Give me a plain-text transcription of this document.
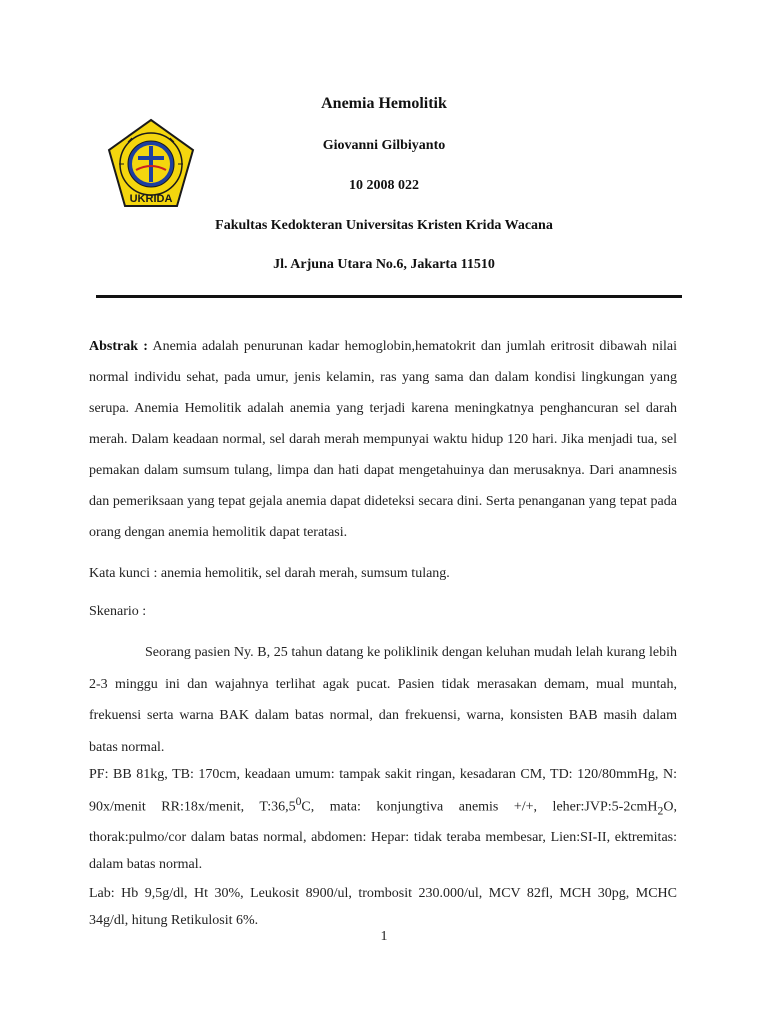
UKRIDA
Anemia Hemolitik
Giovanni Gilbiyanto
10 2008 022
Fakultas Kedokteran Universitas Kristen Krida Wacana
Jl. Arjuna Utara No.6, Jakarta 11510
Abstrak : Anemia adalah penurunan kadar hemoglobin,hematokrit dan jumlah eritrosit dibawah nilai normal individu sehat, pada umur, jenis kelamin, ras yang sama dan dalam kondisi lingkungan yang serupa. Anemia Hemolitik adalah anemia yang terjadi karena meningkatnya penghancuran sel darah merah. Dalam keadaan normal, sel darah merah mempunyai waktu hidup 120 hari. Jika menjadi tua, sel pemakan dalam sumsum tulang, limpa dan hati dapat mengetahuinya dan merusaknya. Dari anamnesis dan pemeriksaan yang tepat gejala anemia dapat dideteksi secara dini. Serta penanganan yang tepat pada orang dengan anemia hemolitik dapat teratasi.
Kata kunci : anemia hemolitik, sel darah merah, sumsum tulang.
Skenario :
Seorang pasien Ny. B, 25 tahun datang ke poliklinik dengan keluhan mudah lelah kurang lebih 2-3 minggu ini dan wajahnya terlihat agak pucat. Pasien tidak merasakan demam, mual muntah, frekuensi serta warna BAK dalam batas normal, dan frekuensi, warna, konsisten BAB masih dalam batas normal.
PF: BB 81kg, TB: 170cm, keadaan umum: tampak sakit ringan, kesadaran CM, TD: 120/80mmHg, N: 90x/menit RR:18x/menit, T:36,5$^0$C, mata: konjungtiva anemis +/+, leher:JVP:5-2cmH$_2$O, thorak:pulmo/cor dalam batas normal, abdomen: Hepar: tidak teraba membesar, Lien:SI-II, ektremitas: dalam batas normal.
Lab: Hb 9,5g/dl, Ht 30%, Leukosit 8900/ul, trombosit 230.000/ul, MCV 82fl, MCH 30pg, MCHC 34g/dl, hitung Retikulosit 6%.
1
